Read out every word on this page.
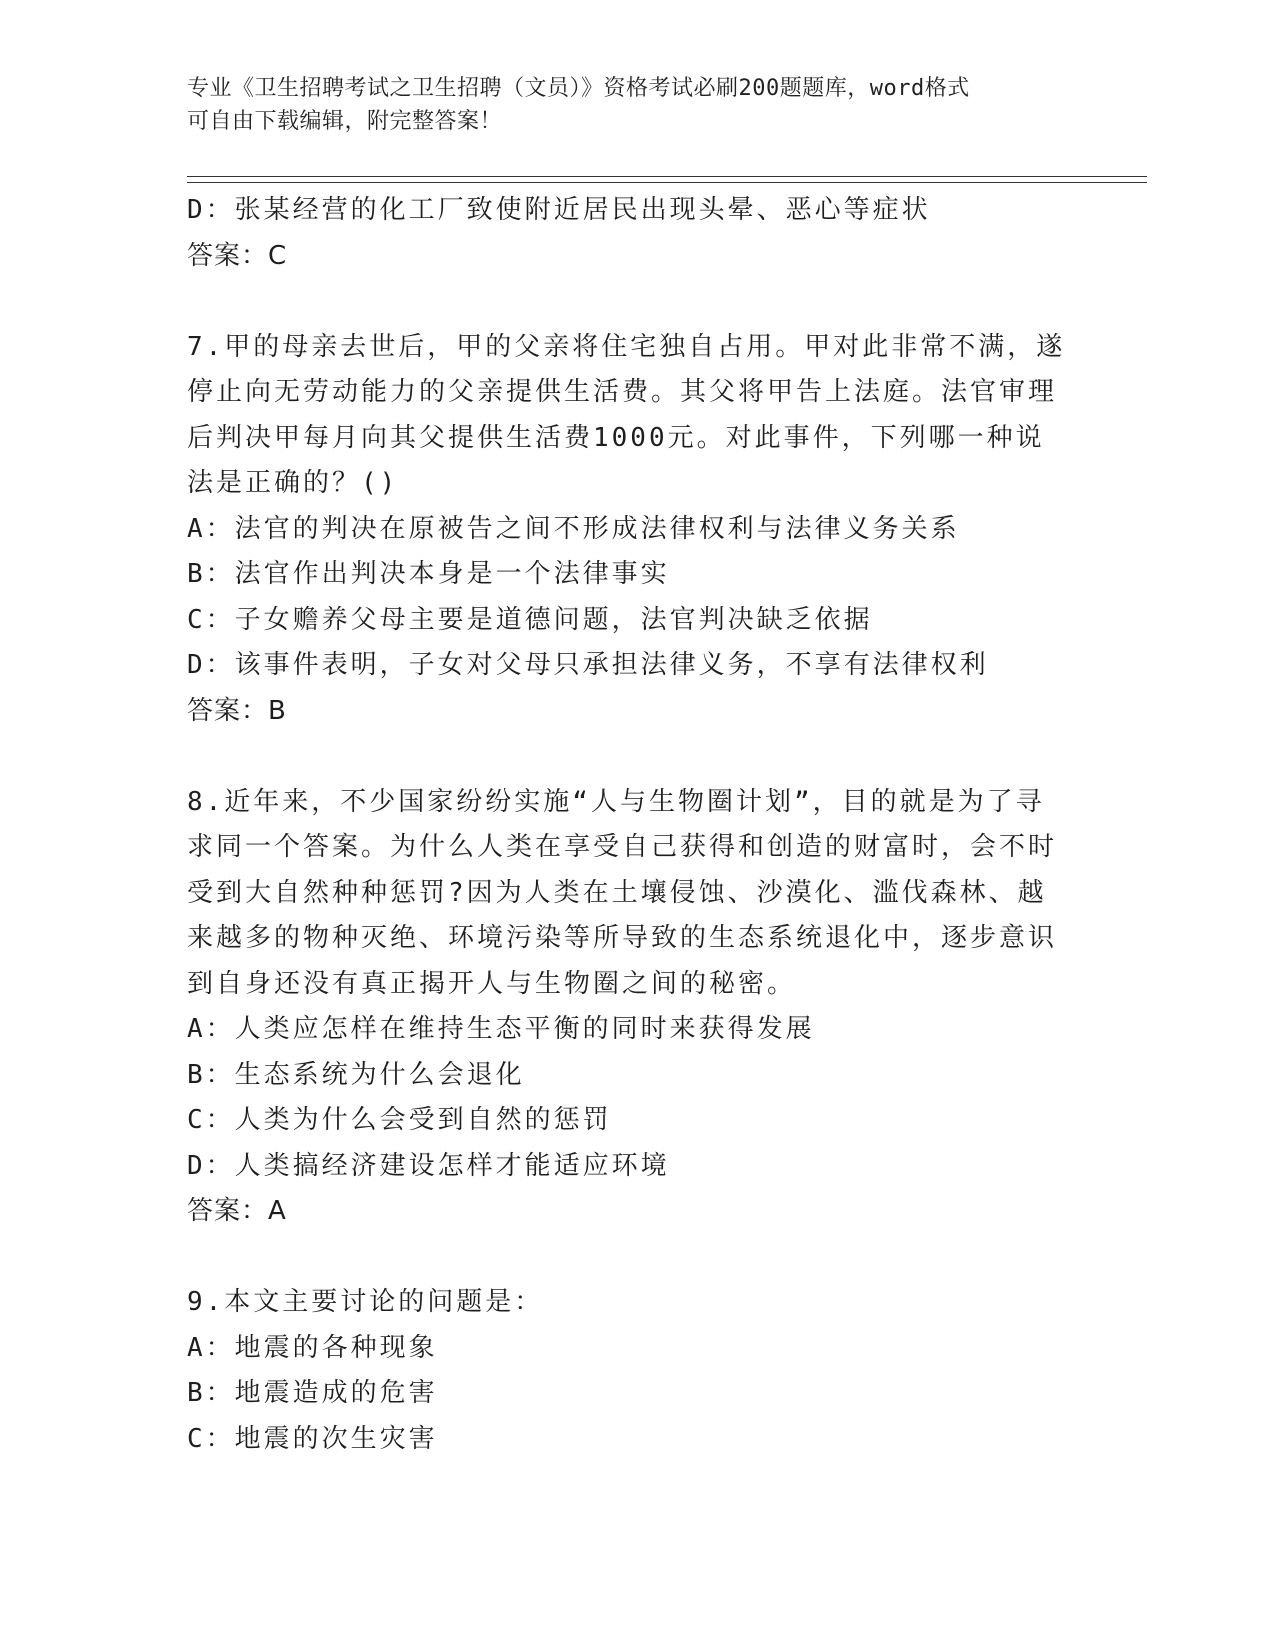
专业《卫生招聘考试之卫生招聘（文员）》资格考试必刷200题题库，word格式
可自由下载编辑，附完整答案！
D：张某经营的化工厂致使附近居民出现头晕、恶心等症状
答案：C
7.甲的母亲去世后，甲的父亲将住宅独自占用。甲对此非常不满，遂停止向无劳动能力的父亲提供生活费。其父将甲告上法庭。法官审理后判决甲每月向其父提供生活费1000元。对此事件，下列哪一种说法是正确的？()
A：法官的判决在原被告之间不形成法律权利与法律义务关系
B：法官作出判决本身是一个法律事实
C：子女赡养父母主要是道德问题，法官判决缺乏依据
D：该事件表明，子女对父母只承担法律义务，不享有法律权利
答案：B
8.近年来，不少国家纷纷实施“人与生物圈计划”，目的就是为了寻求同一个答案。为什么人类在享受自己获得和创造的财富时，会不时受到大自然种种惩罚?因为人类在土壤侵蚀、沙漠化、滥伐森林、越来越多的物种灭绝、环境污染等所导致的生态系统退化中，逐步意识到自身还没有真正揭开人与生物圈之间的秘密。
A：人类应怎样在维持生态平衡的同时来获得发展
B：生态系统为什么会退化
C：人类为什么会受到自然的惩罚
D：人类搞经济建设怎样才能适应环境
答案：A
9.本文主要讨论的问题是：
A：地震的各种现象
B：地震造成的危害
C：地震的次生灾害
